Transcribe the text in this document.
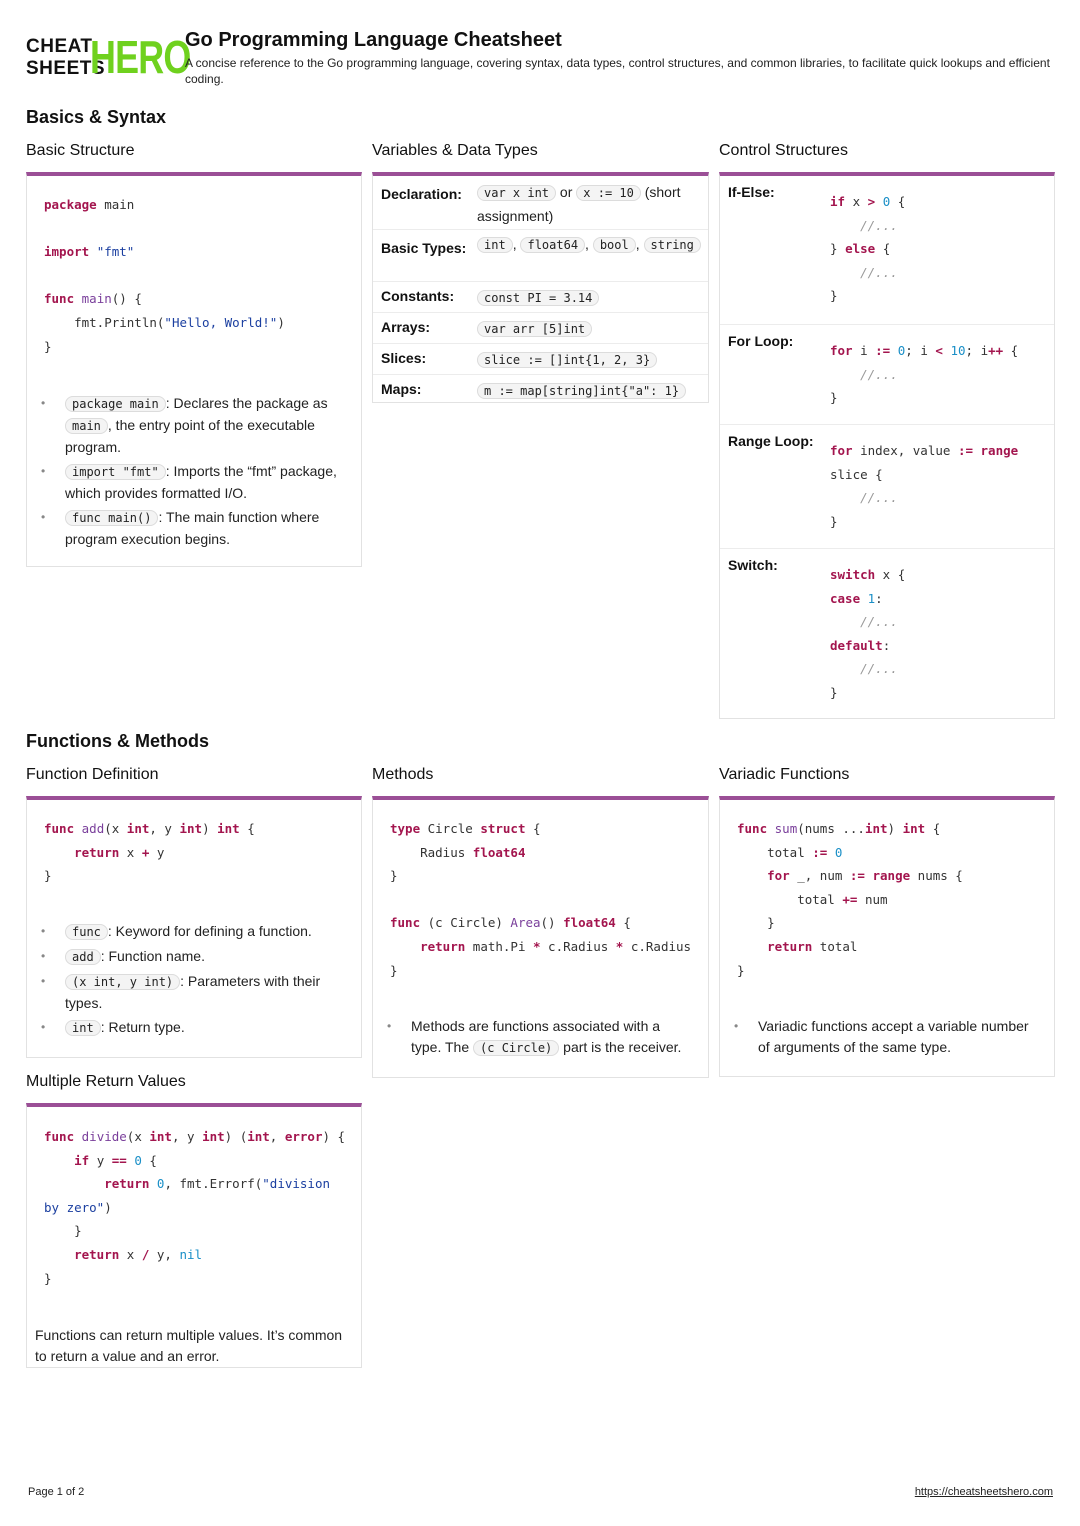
CHEAT
SHEETS
HERO
Go Programming Language Cheatsheet
A concise reference to the Go programming language, covering syntax, data types, control structures, and common libraries, to facilitate quick lookups and efficient coding.
Basics & Syntax
Basic Structure
package main

import "fmt"

func main() {
fmt.Println("Hello, World!")
}
• package main : Declares the package as main , the entry point of the executable program.
• import "fmt" : Imports the “fmt” package, which provides formatted I/O.
• func main() : The main function where program execution begins.
Variables & Data Types
Declaration:	var x int or x := 10 (short assignment)
Basic Types:	int , float64 , bool , string
Constants:	const PI = 3.14
Arrays:	var arr [5]int
Slices:	slice := []int{1, 2, 3}
Maps:	m := map[string]int{"a": 1}
Control Structures
If-Else:
if x > 0 {
//...
} else {
//...
}
For Loop:
for i := 0; i < 10; i++ {
//...
}
Range Loop:
for index, value := range
slice {
//...
}
Switch:
switch x {
case 1:
//...
default:
//...
}
Functions & Methods
Function Definition
func add(x int, y int) int {
return x + y
}
• func : Keyword for defining a function.
• add : Function name.
• (x int, y int) : Parameters with their types.
• int : Return type.
Multiple Return Values
func divide(x int, y int) (int, error) {
if y == 0 {
return 0, fmt.Errorf("division
by zero")
}
return x / y, nil
}
Functions can return multiple values. It’s common to return a value and an error.
Methods
type Circle struct {
Radius float64
}

func (c Circle) Area() float64 {
return math.Pi * c.Radius * c.Radius
}
• Methods are functions associated with a type. The (c Circle) part is the receiver.
Variadic Functions
func sum(nums ...int) int {
total := 0
for _, num := range nums {
total += num
}
return total
}
• Variadic functions accept a variable number of arguments of the same type.
Page 1 of 2	https://cheatsheetshero.com
